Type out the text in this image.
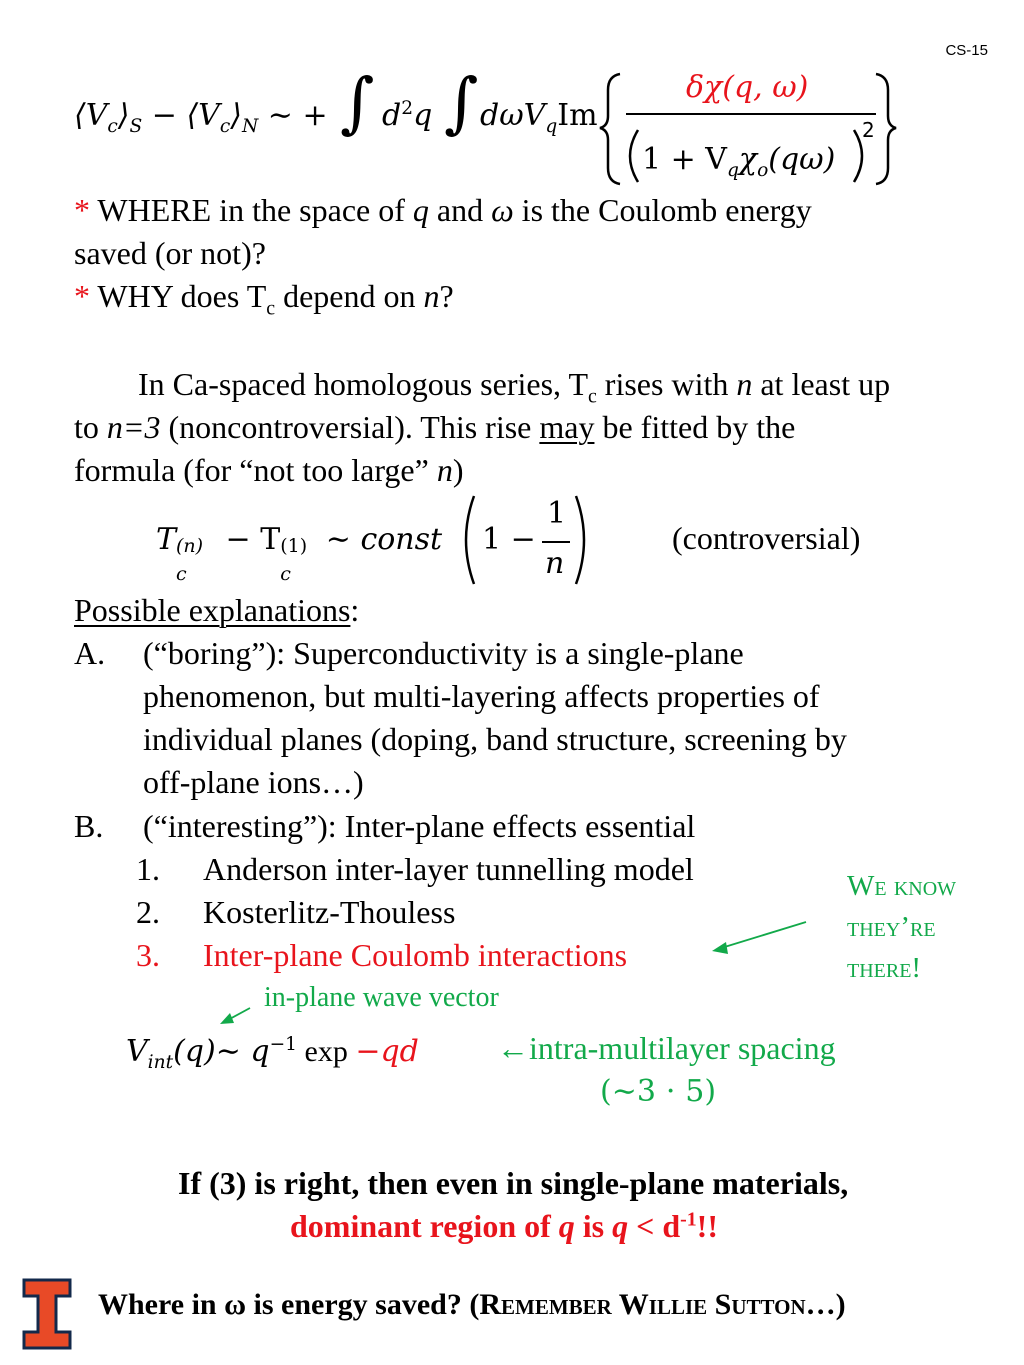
CS-15
$⟨V_c⟩_S$ − $⟨V_c⟩_N$ ∼ + ∫ $d^2q$ ∫ dωV$_q$Im
δχ(q, ω)
$1 + V_q\chi_o(q\omega)$
2
* WHERE in the space of q and ω is the Coulomb energy
saved (or not)?
* WHY does $T_c$ depend on n?
In Ca-spaced homologous series, $T_c$ rises with n at least up
to n=3 (noncontroversial). This rise may be fitted by the
formula (for “not too large” n)
T (n)
c
− T (1)
c
∼ const 1 −
1
n
(controversial)
Possible explanations:
A. (“boring”): Superconductivity is a single-plane
phenomenon, but multi-layering affects properties of
individual planes (doping, band structure, screening by
off-plane ions…)
B. (“interesting”): Inter-plane effects essential
1. Anderson inter-layer tunnelling model
2. Kosterlitz-Thouless
3. Inter-plane Coulomb interactions
We know
they’re
there!
in-plane wave vector
$V_{int}(q)\sim$ $q^{-1}$ exp −qd ←intra-multilayer spacing
(∼3 ⋅ 5)
If (3) is right, then even in single-plane materials,
dominant region of q is $q < d^{-1}$!!
Where in ω is energy saved? (Remember Willie Sutton…)
